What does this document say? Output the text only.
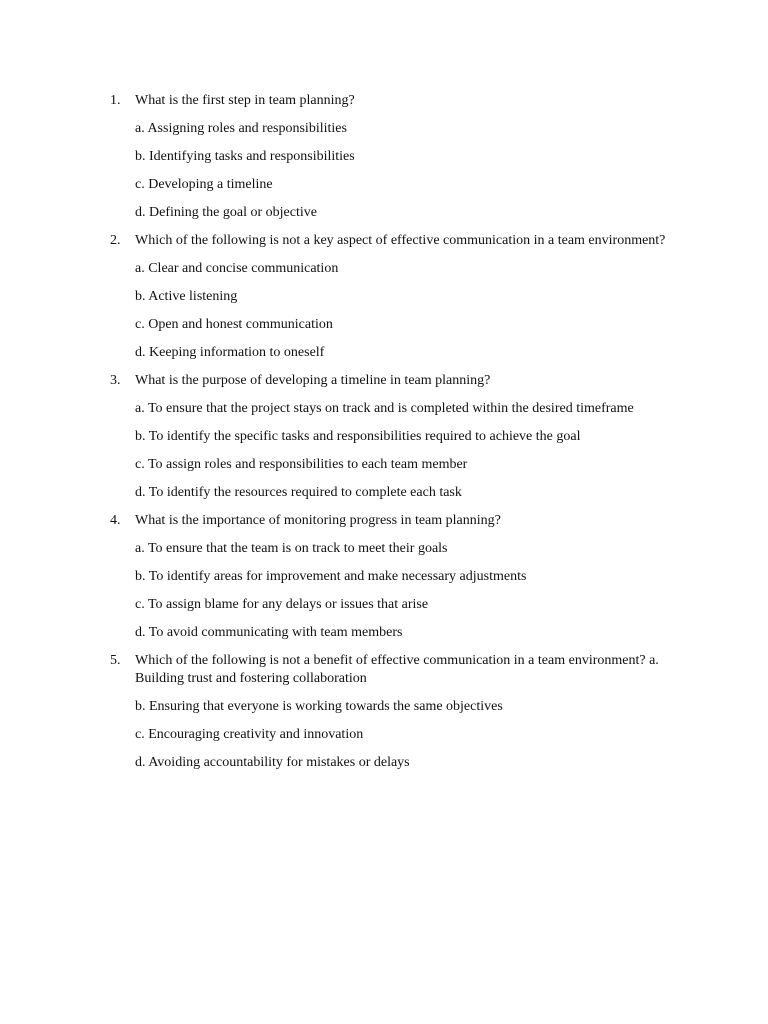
1.	What is the first step in team planning?
a. Assigning roles and responsibilities
b. Identifying tasks and responsibilities
c. Developing a timeline
d. Defining the goal or objective
2.	Which of the following is not a key aspect of effective communication in a team environment?
a. Clear and concise communication
b. Active listening
c. Open and honest communication
d. Keeping information to oneself
3.	What is the purpose of developing a timeline in team planning?
a. To ensure that the project stays on track and is completed within the desired timeframe
b. To identify the specific tasks and responsibilities required to achieve the goal
c. To assign roles and responsibilities to each team member
d. To identify the resources required to complete each task
4.	What is the importance of monitoring progress in team planning?
a. To ensure that the team is on track to meet their goals
b. To identify areas for improvement and make necessary adjustments
c. To assign blame for any delays or issues that arise
d. To avoid communicating with team members
5.	Which of the following is not a benefit of effective communication in a team environment? a. Building trust and fostering collaboration
b. Ensuring that everyone is working towards the same objectives
c. Encouraging creativity and innovation
d. Avoiding accountability for mistakes or delays
